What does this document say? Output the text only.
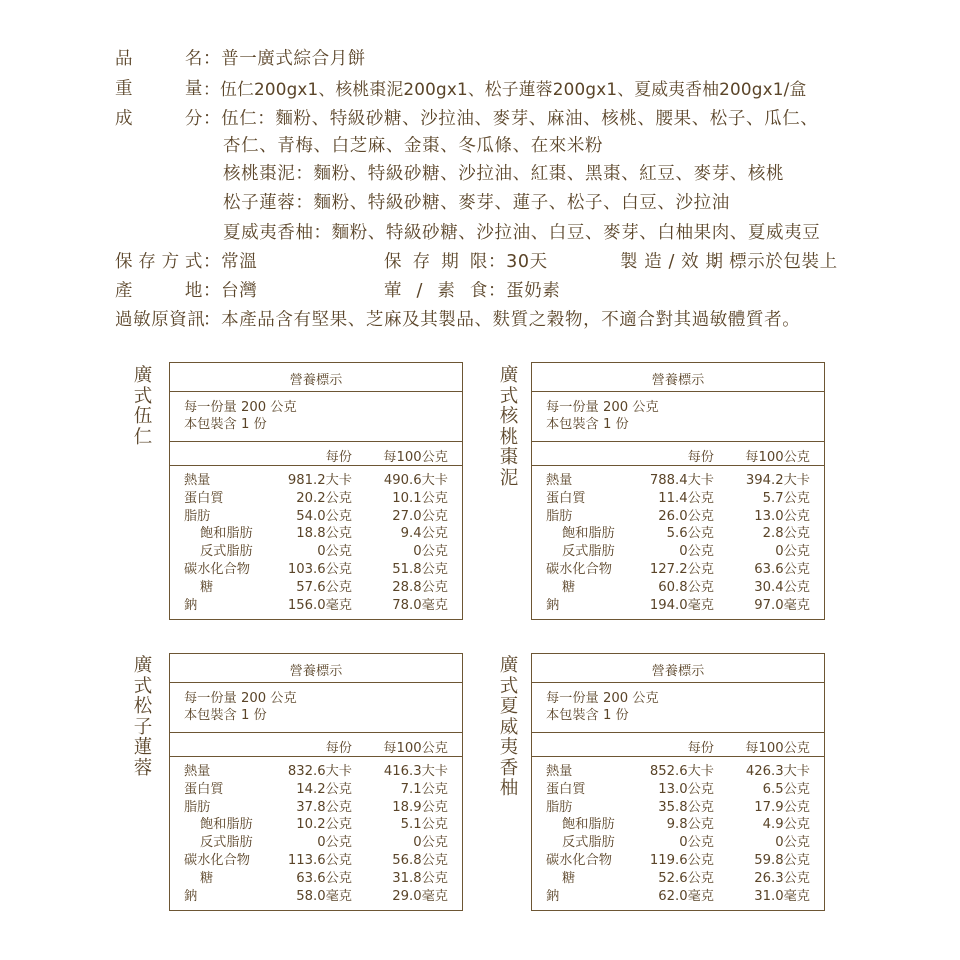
品	名 ：普一廣式綜合月餅
重	量 ：伍仁200gx1、核桃棗泥200gx1、松子蓮蓉200gx1、夏威夷香柚200gx1/盒
成	分 ：伍仁：麵粉、特級砂糖、沙拉油、麥芽、麻油、核桃、腰果、松子、瓜仁、
杏仁、青梅、白芝麻、金棗、冬瓜條、在來米粉
核桃棗泥：麵粉、特級砂糖、沙拉油、紅棗、黑棗、紅豆、麥芽、核桃
松子蓮蓉：麵粉、特級砂糖、麥芽、蓮子、松子、白豆、沙拉油
夏威夷香柚：麵粉、特級砂糖、沙拉油、白豆、麥芽、白柚果肉、夏威夷豆
保 存 方 式 ：常溫	保 存 期 限 ：30天	製 造 / 效 期
：標示於包裝上
產	地 ：台灣	葷 / 素 食 ：蛋奶素
過敏原資訊
：本產品含有堅果、芝麻及其製品、麩質之穀物，不適合對其過敏體質者。
廣
式
伍
仁
營養標示
每一份量 200 公克
本包裝含 1 份
每份 每100公克
熱量	981.2大卡 490.6大卡
蛋白質	20.2公克	10.1公克
脂肪	54.0公克	27.0公克
飽和脂肪	18.8公克	9.4公克
反式脂肪	0公克	0公克
碳水化合物	103.6公克	51.8公克
糖	57.6公克	28.8公克
鈉	156.0毫克	78.0毫克
廣
式
核
桃
棗
泥
營養標示
每一份量 200 公克
本包裝含 1 份
每份 每100公克
熱量	788.4大卡 394.2大卡
蛋白質	11.4公克	5.7公克
脂肪	26.0公克	13.0公克
飽和脂肪	5.6公克	2.8公克
反式脂肪	0公克	0公克
碳水化合物	127.2公克	63.6公克
糖	60.8公克	30.4公克
鈉	194.0毫克	97.0毫克
廣
式
松
子
蓮
蓉
營養標示
每一份量 200 公克
本包裝含 1 份
每份 每100公克
熱量	832.6大卡 416.3大卡
蛋白質	14.2公克	7.1公克
脂肪	37.8公克	18.9公克
飽和脂肪	10.2公克	5.1公克
反式脂肪	0公克	0公克
碳水化合物	113.6公克	56.8公克
糖	63.6公克	31.8公克
鈉	58.0毫克	29.0毫克
廣
式
夏
威
夷
香
柚
營養標示
每一份量 200 公克
本包裝含 1 份
每份 每100公克
熱量	852.6大卡 426.3大卡
蛋白質	13.0公克	6.5公克
脂肪	35.8公克	17.9公克
飽和脂肪	9.8公克	4.9公克
反式脂肪	0公克	0公克
碳水化合物	119.6公克	59.8公克
糖	52.6公克	26.3公克
鈉	62.0毫克	31.0毫克
